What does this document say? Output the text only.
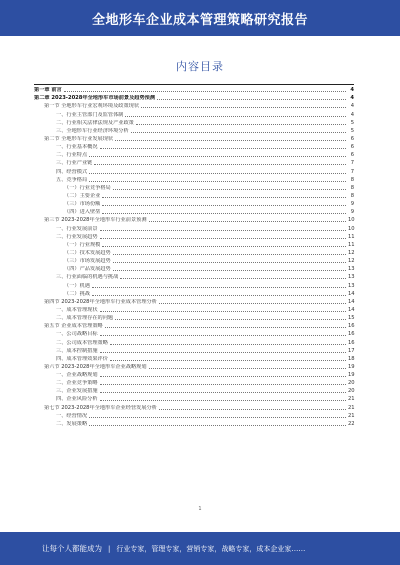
全地形车企业成本管理策略研究报告
内容目录
第一章 前言	4
第二章 2023-2028年全地形车市场前景及趋势预测	4
第一节 全地形车行业宏观环境及政策现状	4
一、行业主管部门及监管体制	4
二、行业相关法律法规及产业政策	5
三、全地形车行业经济环境分析	5
第二节 全地形车行业发展现状	6
一、行业基本概况	6
二、行业特点	6
三、行业产业链	7
四、经营模式	7
五、竞争格局	8
（一）行业竞争格局	8
（二）主要企业	8
（三）市场份额	9
（四）进入壁垒	9
第三节 2023-2028年全地形车行业前景预测	10
一、行业发展前景	10
二、行业发展趋势	11
（一）行业规模	11
（二）技术发展趋势	12
（三）市场发展趋势	12
（四）产品发展趋势	13
三、行业面临的机遇与挑战	13
（一）机遇	13
（二）挑战	14
第四节 2023-2028年全地形车行业成本管理分析	14
一、成本管理现状	14
二、成本管理存在的问题	15
第五节 企业成本管理策略	16
一、公司战略目标	16
二、公司成本管理策略	16
三、成本控制措施	17
四、成本管理效果评价	18
第六节 2023-2028年全地形车企业战略规划	19
一、企业战略规划	19
二、企业竞争策略	20
三、企业发展措施	20
四、企业风险分析	21
第七节 2023-2028年全地形车企业经营发展分析	21
一、经营情况	21
二、发展策略	22
1
让每个人都能成为 | 行业专家，管理专家，营销专家，战略专家，成本企业家……
